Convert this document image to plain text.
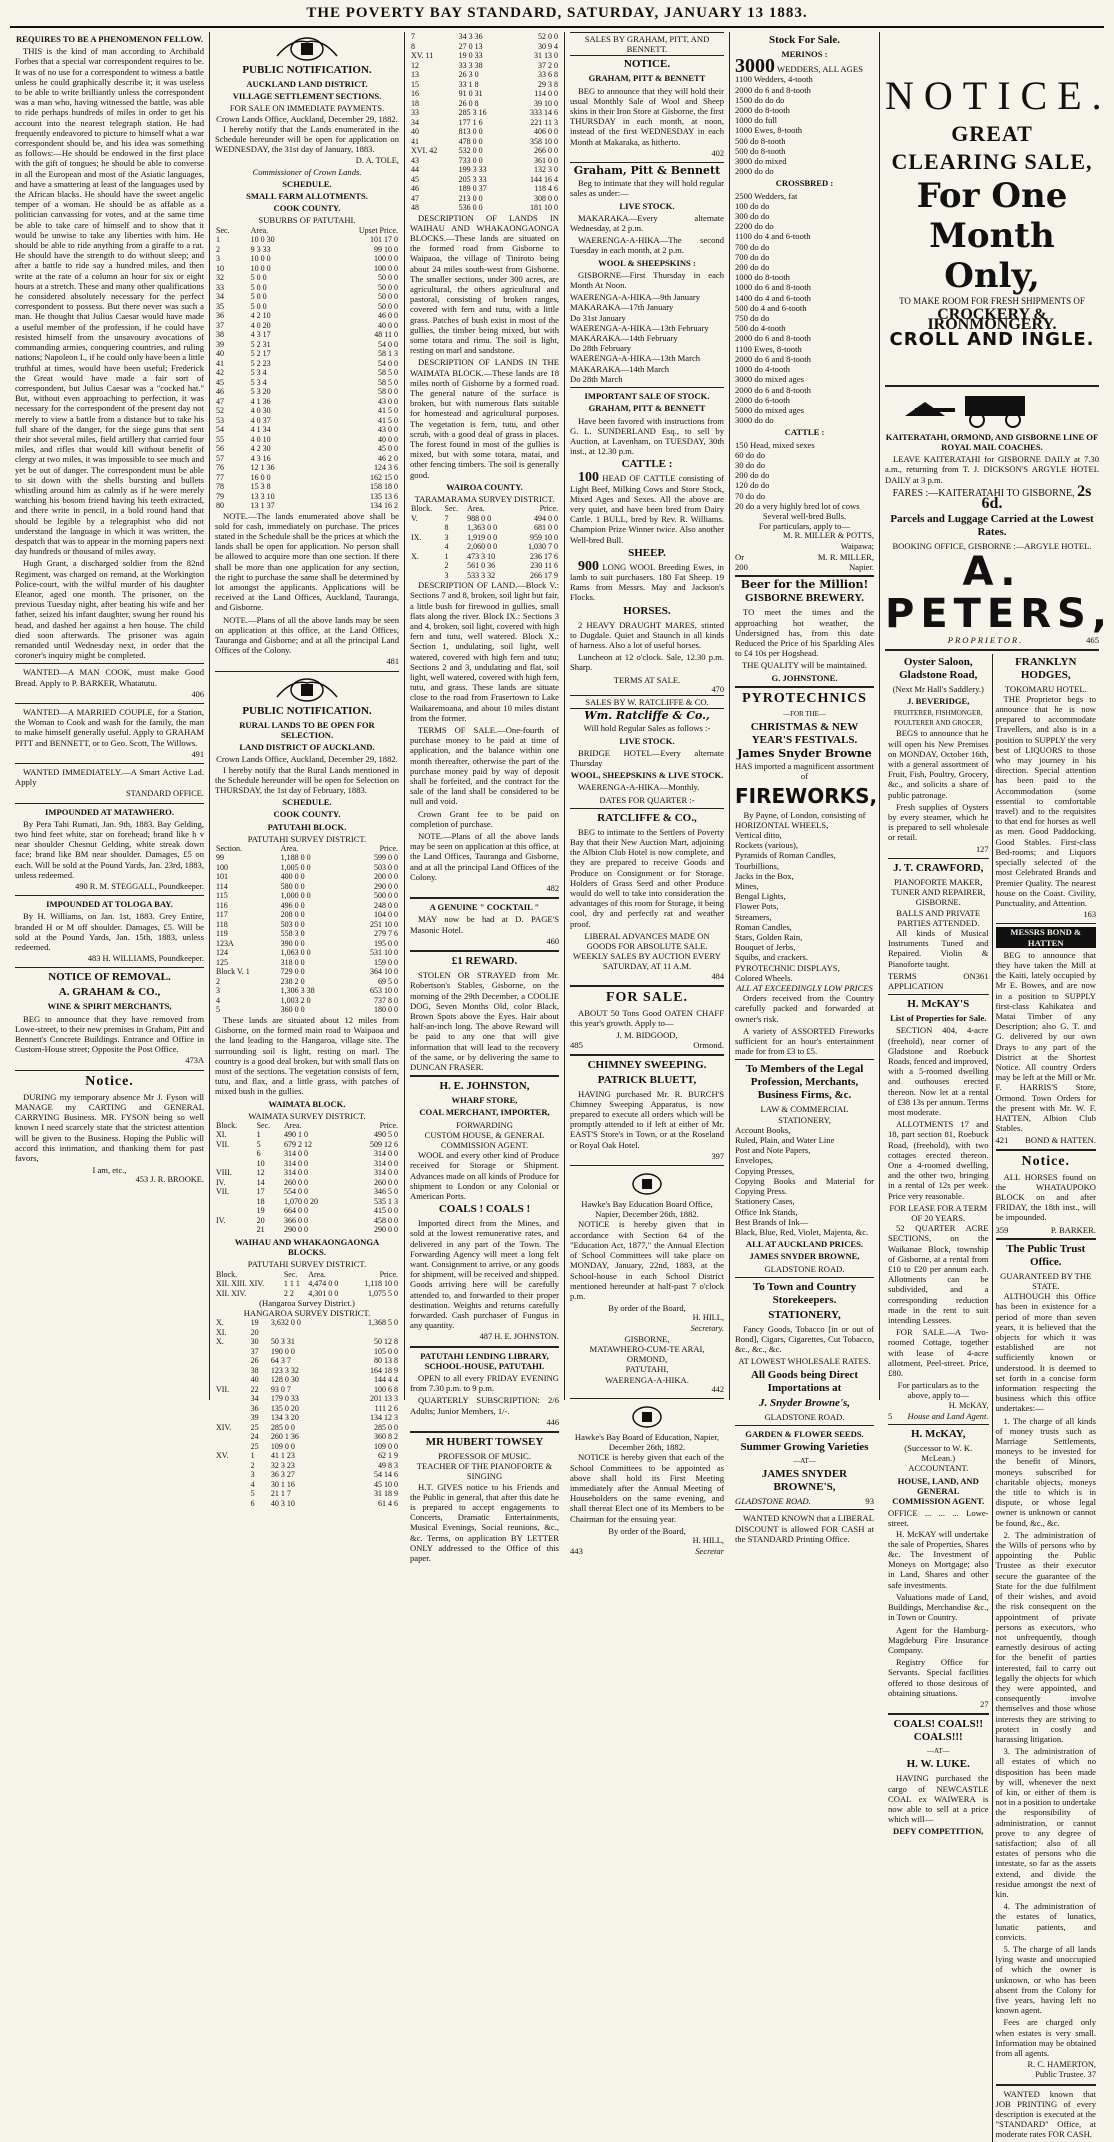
THE POVERTY BAY STANDARD, SATURDAY, JANUARY 13 1883.
REQUIRES TO BE A PHENOMENON FELLOW.

THIS is the kind of man according to Archibald Forbes that a special war correspondent requires to be. It was of no use for a correspondent to witness a battle unless he could graphically describe it; it was useless to be able to write brilliantly unless the correspondent was a man who, having witnessed the battle, was able to ride perhaps hundreds of miles in order to get his account into the nearest telegraph station. He had frequently endeavored to picture to himself what a war correspondent should be, and his idea was something as follows:—He should be endowed in the first place with the gift of tongues; he should be able to converse in all the European and most of the Asiatic languages, and have a smattering at least of the languages used by the African blacks. He should have the sweet angelic temper of a woman. He should be as affable as a politician canvassing for votes, and at the same time be able to take care of himself and to show that it would be unwise to take any liberties with him. He should be able to ride anything from a giraffe to a rat. He should have the strength to do without sleep; and after a battle to ride say a hundred miles, and then write at the rate of a column an hour for six or eight hours at a stretch. These and many other qualifications he considered absolutely necessary for the perfect correspondent to possess. But there never was such a man. He thought that Julius Caesar would have made a useful member of the profession, if he could have resisted himself from the unsavoury avocations of commanding armies, conquering countries, and ruling nations; Napoleon I., if he could only have been a little truthful at times, would have been useful; Frederick the Great would have made a fair sort of correspondent, but Julius Caesar was a "cocked hat." But, without even approaching to perfection, it was necessary for the correspondent of the present day not merely to view a battle from a distance but to take his full share of the danger, for the siege guns that sent their shot several miles, field artillery that carried four miles, and rifles that would kill without benefit of clergy at two miles, it was impossible to see much and yet be out of danger. The correspondent must be able to sit down with the shells bursting and bullets whistling around him as calmly as if he were merely watching his bosom friend having his teeth extracted, and there write in pencil, in a bold round hand that should be legible by a telegraphist who did not understand the language in which it was written, the despatch that was to appear in the morning papers next day hundreds or thousand of miles away.

Hugh Grant, a discharged soldier from the 82nd Regiment, was charged on remand, at the Workington Police-court, with the wilful murder of his daughter Eleanor, aged one month. The prisoner, on the previous Tuesday night, after beating his wife and her father, seized his infant daughter, swung her round his head, and dashed her against a hen house. The child died soon afterwards. The prisoner was again remanded until Wednesday next, in order that the coroner's inquiry might be completed.

WANTED—A MAN COOK, must make Good Bread. Apply to P. BARKER, Whatatutu.

406

WANTED—A MARRIED COUPLE, for a Station, the Woman to Cook and wash for the family, the man to make himself generally useful. Apply to GRAHAM PITT and BENNETT, or to Geo. Scott, The Willows.

491

WANTED IMMEDIATELY.—A Smart Active Lad. Apply

STANDARD OFFICE.
IMPOUNDED AT MATAWHERO.

By Pera Tahi Rumati, Jan. 9th, 1883. Bay Gelding, two hind feet white, star on forehead; brand like h v near shoulder Chesnut Gelding, white streak down face; brand like BM near shoulder. Damages, £5 on each. Will be sold at the Pound Yards, Jan. 23rd, 1883, unless redeemed.

490 R. M. STEGGALL, Poundkeeper.
IMPOUNDED AT TOLOGA BAY.

By H. Williams, on Jan. 1st, 1883. Grey Entire, branded H or M off shoulder. Damages, £5. Will be sold at the Pound Yards, Jan. 15th, 1883, unless redeemed.

483 H. WILLIAMS, Poundkeeper.
NOTICE OF REMOVAL.
A. GRAHAM & CO.,
WINE & SPIRIT MERCHANTS,

BEG to announce that they have removed from Lowe-street, to their new premises in Graham, Pitt and Bennett's Concrete Buildings. Entrance and Office in Custom-House street; Opposite the Post Office.

473A
Notice.

DURING my temporary absence Mr J. Fyson will MANAGE my CARTING and GENERAL CARRYING Business. MR. FYSON being so well known I need scarcely state that the strictest attention will be given to the Business. Hoping the Public will accord this intimation, and thanking them for past favors,

I am, etc.,
453 J. R. BROOKE.
PUBLIC NOTIFICATION.
AUCKLAND LAND DISTRICT.
VILLAGE SETTLEMENT SECTIONS.
FOR SALE ON IMMEDIATE PAYMENTS.
Crown Lands Office, Auckland, December 29, 1882.

I hereby notify that the Lands enumerated in the Schedule hereunder will be open for application on WEDNESDAY, the 31st day of January, 1883.

D. A. TOLE,
Commissioner of Crown Lands.
SCHEDULE.
SMALL FARM ALLOTMENTS.
COOK COUNTY.
SUBURBS OF PATUTAHI.
Sec.	Area.	Upset Price.
1	10 0 30	101 17 0
2	9 3 33	99 10 0
3	10 0 0	100 0 0
10	10 0 0	100 0 0
32	5 0 0	50 0 0
33	5 0 0	50 0 0
34	5 0 0	50 0 0
35	5 0 0	50 0 0
36	4 2 10	46 0 0
37	4 0 20	40 0 0
38	4 3 17	48 11 0
39	5 2 31	54 0 0
40	5 2 17	58 1 3
41	5 2 23	54 0 0
42	5 3 4	58 5 0
45	5 3 4	58 5 0
46	5 3 20	58 0 0
47	4 1 36	43 0 0
52	4 0 30	41 5 0
53	4 0 37	41 5 0
54	4 1 34	43 0 0
55	4 0 10	40 0 0
56	4 2 30	45 0 0
57	4 3 16	46 2 0
76	12 1 36	124 3 6
77	16 0 0	162 15 0
78	15 3 8	158 18 0
79	13 3 10	135 13 6
80	13 1 37	134 16 2

NOTE.—The lands enumerated above shall be sold for cash, immediately on purchase. The prices stated in the Schedule shall be the prices at which the lands shall be open for application. No person shall be allowed to acquire more than one section. If there shall be more than one application for any section, the right to purchase the same shall be determined by lot amongst the applicants. Applications will be received at the Land Offices, Auckland, Tauranga, and Gisborne.

NOTE.—Plans of all the above lands may be seen on application at this office, at the Land Offices, Tauranga and Gisborne; and at all the principal Land Offices of the Colony.

481
PUBLIC NOTIFICATION.
RURAL LANDS TO BE OPEN FOR SELECTION.
LAND DISTRICT OF AUCKLAND.
Crown Lands Office, Auckland, December 29, 1882.

I hereby notify that the Rural Lands mentioned in the Schedule hereunder will be open for Selection on THURSDAY, the 1st day of February, 1883.

SCHEDULE.
COOK COUNTY.
PATUTAHI BLOCK.
PATUTAHI SURVEY DISTRICT.
Section.	Area.	Price.
99	1,188 0 0	599 0 0
100	1,005 0 0	503 0 0
101	400 0 0	200 0 0
114	580 0 0	290 0 0
115	1,000 0 0	500 0 0
116	496 0 0	248 0 0
117	208 0 0	104 0 0
118	503 0 0	251 10 0
119	558 3 0	279 7 6
123A	390 0 0	195 0 0
124	1,063 0 0	531 10 0
125	318 0 0	159 0 0
Block V. 1	729 0 0	364 10 0
2	238 2 0	69 5 0
3	1,306 3 38	653 10 0
4	1,003 2 0	737 8 0
5	360 0 0	180 0 0

These lands are situated about 12 miles from Gisborne, on the formed main road to Waipaoa and the land leading to the Hangaroa, village site. The surrounding soil is light, resting on marl. The country is a good deal broken, but with small flats on most of the sections. The vegetation consists of fern, tutu, and flax, and a little grass, with patches of mixed bush in the gullies.

WAIMATA BLOCK.
WAIMATA SURVEY DISTRICT.
Block.	Sec.	Area.	Price.
XI.	1	490 1 0	490 5 0
VII.	5	679 2 12	509 12 6
	6	314 0 0	314 0 0
	10	314 0 0	314 0 0
VIII.	12	314 0 0	314 0 0
IV.	14	260 0 0	260 0 0
VII.	17	554 0 0	346 5 0
	18	1,070 0 20	535 1 3
	19	664 0 0	415 0 0
IV.	20	366 0 0	458 0 0
	21	290 0 0	290 0 0
WAIHAU AND WHAKAONGAONGA BLOCKS.
PATUTAHI SURVEY DISTRICT.
Block.	Sec.	Area.	Price.
XII. XIII. XIV.	1 1 1	4,474 0 0	1,118 10 0
XII. XIV.	2 2	4,301 0 0	1,075 5 0
(Hangaroa Survey District.)
HANGAROA SURVEY DISTRICT.
X.	19	3,632 0 0	1,368 5 0
XI.	20		
X.	30	50 3 31	50 12 8
	37	190 0 0	105 0 0
	26	64 3 7	80 13 8
	38	123 3 32	164 18 9
	40	128 0 30	144 4 4
VII.	22	93 0 7	100 6 8
	34	179 0 33	201 13 3
	36	135 0 20	111 2 6
	39	134 3 20	134 12 3
XIV.	25	285 0 0	285 0 0
	24	260 1 36	360 8 2
	25	109 0 0	109 0 0
XV.	1	41 1 23	62 1 9
	2	32 3 23	49 8 3
	3	36 3 27	54 14 6
	4	30 1 16	45 10 0
	5	21 1 7	31 18 9
	6	40 3 10	61 4 6
7	34 3 36	52 0 0
8	27 0 13	30 9 4
XV. 11	19 0 33	31 13 0
12	33 3 38	37 2 0
13	26 3 0	33 6 8
15	33 1 8	29 3 8
16	91 0 31	114 0 0
18	26 0 8	39 10 0
33	285 3 16	333 14 6
34	177 1 6	221 11 3
40	813 0 0	406 0 0
41	478 0 0	358 10 0
XVI. 42	532 0 0	266 0 0
43	733 0 0	361 0 0
44	199 3 33	132 3 0
45	205 3 33	144 16 4
46	189 0 37	118 4 6
47	213 0 0	308 0 0
48	536 0 0	181 10 0

DESCRIPTION OF LANDS IN WAIHAU AND WHAKAONGAONGA BLOCKS.—These lands are situated on the formed road from Gisborne to Waipaoa, the village of Tiniroto being about 24 miles south-west from Gisborne. The smaller sections, under 300 acres, are agricultural, the others agricultural and pastoral, consisting of broken ranges, covered with fern and tutu, with a little grass. Patches of bush exist in most of the gullies, the timber being mixed, but with some totara and rimu. The soil is light, resting on marl and sandstone.

DESCRIPTION OF LANDS IN THE WAIMATA BLOCK.—These lands are 18 miles north of Gisborne by a formed road. The general nature of the surface is broken, but with numerous flats suitable for homestead and agricultural purposes. The vegetation is fern, tutu, and other scrub, with a good deal of grass in places. The forest found in most of the gullies is mixed, but with some totara, matai, and other fencing timbers. The soil is generally good.

WAIROA COUNTY.
TARAMARAMA SURVEY DISTRICT.
Block.	Sec.	Area.	Price.
V.	7	988 0 0	494 0 0
	8	1,363 0 0	681 0 0
IX.	3	1,919 0 0	959 10 0
	4	2,060 0 0	1,030 7 0
X.	1	473 3 10	236 17 6
	2	561 0 36	230 11 6
	3	533 3 32	266 17 9

DESCRIPTION OF LAND.—Block V.: Sections 7 and 8, broken, soil light but fair, a little bush for firewood in gullies, small flats along the river. Block IX.: Sections 3 and 4, broken, soil light, covered with high fern and tutu, well watered. Block X.: Section 1, undulating, soil light, well watered, covered with high fern and tutu; Sections 2 and 3, undulating and flat, soil light, well watered, covered with high fern, tutu, and grass. These lands are situate close to the road from Frasertown to Lake Waikaremoana, and about 10 miles distant from the former.

TERMS OF SALE.—One-fourth of purchase money to be paid at time of application, and the balance within one month thereafter, otherwise the part of the purchase money paid by way of deposit shall be forfeited, and the contract for the sale of the land shall be considered to be null and void.

Crown Grant fee to be paid on completion of purchase.

NOTE.—Plans of all the above lands may be seen on application at this office, at the Land Offices, Tauranga and Gisborne, and at all the principal Land Offices of the Colony.

482
A GENUINE " COCKTAIL "

MAY now be had at D. PAGE'S Masonic Hotel.

460
£1 REWARD.

STOLEN OR STRAYED from Mr. Robertson's Stables, Gisborne, on the morning of the 29th December, a COOLIE DOG, Seven Months Old, color Black, Brown Spots above the Eyes. Hair about half-an-inch long. The above Reward will be paid to any one that will give information that will lead to the recovery of the same, or by delivering the same to DUNCAN FRASER.

H. E. JOHNSTON,
WHARF STORE,
COAL MERCHANT, IMPORTER,
FORWARDING
CUSTOM HOUSE, & GENERAL COMMISSION AGENT.

WOOL and every other kind of Produce received for Storage or Shipment. Advances made on all kinds of Produce for shipment to London or any Colonial or American Ports.

COALS ! COALS !

Imported direct from the Mines, and sold at the lowest remunerative rates, and delivered in any part of the Town. The Forwarding Agency will meet a long felt want. Consignment to arrive, or any goods for shipment, will be received and shipped. Goods arriving here will be carefully attended to, and forwarded to their proper destination. Weights and returns carefully forwarded. Cash purchaser of Fungus in any quantity.

487 H. E. JOHNSTON.
PATUTAHI LENDING LIBRARY, SCHOOL-HOUSE, PATUTAHI.

OPEN to all every FRIDAY EVENING from 7.30 p.m. to 9 p.m.

QUARTERLY SUBSCRIPTION: 2/6 Adults; Junior Members, 1/-.

446
MR HUBERT TOWSEY
PROFESSOR OF MUSIC.
TEACHER OF THE PIANOFORTE & SINGING

H.T. GIVES notice to his Friends and the Public in general, that after this date he is prepared to accept engagements to Concerts, Dramatic Entertainments, Musical Evenings, Social reunions, &c., &c. Terms, on application BY LETTER ONLY addressed to the Office of this paper.

SALES BY GRAHAM, PITT, AND BENNETT.
NOTICE.
GRAHAM, PITT & BENNETT

BEG to announce that they will hold their usual Monthly Sale of Wool and Sheep skins in their Iron Store at Gisborne, the first THURSDAY in each month, at noon, instead of the first WEDNESDAY in each Month at Makaraka, as hitherto.

402
Graham, Pitt & Bennett

Beg to intimate that they will hold regular sales as under:—

LIVE STOCK.

MAKARAKA—Every alternate Wednesday, at 2 p.m.

WAERENGA-A-HIKA—The second Tuesday in each month, at 2 p.m.

WOOL & SHEEPSKINS :

GISBORNE—First Thursday in each Month At Noon.

WAERENGA-A-HIKA—9th January
MAKARAKA—17th January
Do 31st January
WAERENGA-A-HIKA—13th February
MAKARAKA—14th February
Do 28th February
WAERENGA-A-HIKA—13th March
MAKARAKA—14th March
Do 28th March
IMPORTANT SALE OF STOCK.
GRAHAM, PITT & BENNETT

Have been favored with instructions from G. L. SUNDERLAND Esq., to sell by Auction, at Lavenham, on TUESDAY, 30th inst., at 12.30 p.m.

CATTLE :

100 HEAD OF CATTLE consisting of Light Beef, Milking Cows and Store Stock, Mixed Ages and Sexes. All the above are very quiet, and have been bred from Dairy Cattle. 1 BULL, bred by Rev. R. Williams. Champion Prize Winner twice. Also another Well-bred Bull.

SHEEP.

900 LONG WOOL Breeding Ewes, in lamb to suit purchasers. 180 Fat Sheep. 19 Rams from Messrs. May and Jackson's Flocks.

HORSES.

2 HEAVY DRAUGHT MARES, stinted to Dugdale. Quiet and Staunch in all kinds of harness. Also a lot of useful horses.

Luncheon at 12 o'clock. Sale, 12.30 p.m. Sharp.

TERMS AT SALE.
470
SALES BY W. RATCLIFFE & CO.
Wm. Ratcliffe & Co.,
Will hold Regular Sales as follows :-
LIVE STOCK.

BRIDGE HOTEL—Every alternate Thursday

WOOL, SHEEPSKINS & LIVE STOCK.

WAERENGA-A-HIKA—Monthly.

DATES FOR QUARTER :-
RATCLIFFE & CO.,

BEG to intimate to the Settlers of Poverty Bay that their New Auction Mart, adjoining the Albion Club Hotel is now complete, and they are prepared to receive Goods and Produce on Consignment or for Storage. Holders of Grass Seed and other Produce would do well to take into consideration the advantages of this room for Storage, it being cool, dry and perfectly rat and weather proof.

LIBERAL ADVANCES MADE ON GOODS FOR ABSOLUTE SALE.
WEEKLY SALES BY AUCTION EVERY SATURDAY, AT 11 A.M.
484
FOR SALE.

ABOUT 50 Tons Good OATEN CHAFF this year's growth. Apply to—

J. M. BIDGOOD,
485	Ormond.
CHIMNEY SWEEPING.
PATRICK BLUETT,

HAVING purchased Mr. R. BURCH'S Chimney Sweeping Apparatus, is now prepared to execute all orders which will be promptly attended to if left at either of Mr. EAST'S Store's in Town, or at the Roseland or Royal Oak Hotel.

397
Hawke's Bay Education Board Office, Napier, December 26th, 1882.

NOTICE is hereby given that in accordance with Section 64 of the "Education Act, 1877," the Annual Election of School Committees will take place on MONDAY, January, 22nd, 1883, at the School-house in each School District mentioned hereunder at half-past 7 o'clock p.m.

By order of the Board,
H. HILL,
Secretary.
GISBORNE,
MATAWHERO-CUM-TE ARAI,
ORMOND,
PATUTAHI,
WAERENGA-A-HIKA.
442
Hawke's Bay Board of Education, Napier, December 26th, 1882.

NOTICE is hereby given that each of the School Committees to be appointed as above shall hold its First Meeting immediately after the Annual Meeting of Householders on the same evening, and shall thereat Elect one of its Members to be Chairman for the ensuing year.

By order of the Board,
H. HILL,
443	Secretar
Stock For Sale.
MERINOS :
3000 WEDDERS, ALL AGES
1100 Wedders, 4-tooth
2000 do 6 and 8-tooth
1500 do do do
2000 do 8-tooth
1000 do full
1000 Ewes, 8-tooth
500 do 8-tooth
500 do 8-tooth
3000 do mixed
2000 do do
CROSSBRED :
2500 Wedders, fat
100 do do
300 do do
2200 do do
1100 do 4 and 6-tooth
700 do do
700 do do
200 do do
1000 do 8-tooth
1000 do 6 and 8-tooth
1400 do 4 and 6-tooth
500 do 4 and 6-tooth
750 do do
500 do 4-tooth
2000 do 6 and 8-tooth
1100 Ewes, 8-tooth
2000 do 6 and 8-tooth
1000 do 4-tooth
3000 do mixed ages
2000 do 6 and 8-tooth
2000 do 6-tooth
5000 do mixed ages
3000 do do
CATTLE :
150 Head, mixed sexes
60 do do
30 do do
200 do do
120 do do
70 do do
20 do a very highly bred lot of cows
Several well-bred Bulls.
For particulars, apply to—
M. R. MILLER & POTTS,
Waipawa;
Or	M. R. MILLER,
200	Napier.
Beer for the Million!
GISBORNE BREWERY.

TO meet the times and the approaching hot weather, the Undersigned has, from this date Reduced the Price of his Sparkling Ales to £4 10s per Hogshead.

THE QUALITY will be maintained.
G. JOHNSTONE.
PYROTECHNICS
—FOR THE—
CHRISTMAS & NEW YEAR'S FESTIVALS.
James Snyder Browne
HAS imported a magnificent assortment of
FIREWORKS,
By Payne, of London, consisting of
HORIZONTAL WHEELS,
Vertical ditto,
Rockets (various),
Pyramids of Roman Candles,
Tourbillions,
Jacks in the Box,
Mines,
Bengal Lights,
Flower Pots,
Streamers,
Roman Candles,
Stars, Golden Rain,
Bouquet of Jerbs,
Squibs, and crackers.
PYROTECHNIC DISPLAYS,
Colored Wheels.
ALL AT EXCEEDINGLY LOW PRICES

Orders received from the Country carefully packed and forwarded at owner's risk.

A variety of ASSORTED Fireworks sufficient for an hour's entertainment made for from £3 to £5.

To Members of the Legal Profession, Merchants, Business Firms, &c.
LAW & COMMERCIAL STATIONERY,
Account Books,
Ruled, Plain, and Water Line
Post and Note Papers,
Envelopes,
Copying Presses,
Copying Books and Material for Copying Press.
Stationery Cases,
Office Ink Stands,
Best Brands of Ink—
Black, Blue, Red, Violet, Majenta, &c.
ALL AT AUCKLAND PRICES.
JAMES SNYDER BROWNE,
GLADSTONE ROAD.
To Town and Country Storekeepers.
STATIONERY,

Fancy Goods, Tobacco [in or out of Bond], Cigars, Cigarettes, Cut Tobacco, &c., &c., &c.

AT LOWEST WHOLESALE RATES.
All Goods being Direct Importations at
J. Snyder Browne's,
GLADSTONE ROAD.
GARDEN & FLOWER SEEDS.
Summer Growing Varieties
—AT—
JAMES SNYDER BROWNE'S,
GLADSTONE ROAD.	93

WANTED KNOWN that a LIBERAL DISCOUNT is allowed FOR CASH at the STANDARD Printing Office.

NOTICE.
GREAT CLEARING SALE,
For One Month Only,
TO MAKE ROOM FOR FRESH SHIPMENTS OF
CROCKERY & IRONMONGERY.
CROLL AND INGLE.
KAITERATAHI, ORMOND, AND GISBORNE LINE OF ROYAL MAIL COACHES.

LEAVE KAITERATAHI for GISBORNE DAILY at 7.30 a.m., returning from T. J. DICKSON'S ARGYLE HOTEL DAILY at 3 p.m.

FARES :—KAITERATAHI TO GISBORNE, 2s 6d.
Parcels and Luggage Carried at the Lowest Rates.
BOOKING OFFICE, GISBORNE :—ARGYLE HOTEL.
A. PETERS,
PROPRIETOR.	465
Oyster Saloon, Gladstone Road,
(Next Mr Hall's Saddlery.)
J. BEVERIDGE,
FRUITERER, FISHMONGER, POULTERER AND GROCER,

BEGS to announce that he will open his New Premises on MONDAY, October 16th, with a general assortment of Fruit, Fish, Poultry, Grocery, &c., and solicits a share of public patronage.

Fresh supplies of Oysters by every steamer, which he is prepared to sell wholesale or retail.

127
J. T. CRAWFORD,
PIANOFORTE MAKER, TUNER AND REPAIRER, GISBORNE.
BALLS AND PRIVATE PARTIES ATTENDED.

All kinds of Musical Instruments Tuned and Repaired. Violin & Pianoforte taught.

TERMS ON APPLICATION
361
H. McKAY'S
List of Properties for Sale.

SECTION 404, 4-acre (freehold), near corner of Gladstone and Roebuck Roads, fenced and improved, with a 5-roomed dwelling and outhouses erected thereon. Now let at a rental of £38 13s per annum. Terms most moderate.

ALLOTMENTS 17 and 18, part section 81, Roebuck Road, (freehold), with two cottages erected thereon. One a 4-roomed dwelling, and the other two, bringing in a rental of 12s per week. Price very reasonable.

FOR LEASE FOR A TERM OF 20 YEARS.

52 QUARTER ACRE SECTIONS, on the Waikanae Block, township of Gisborne, at a rental from £10 to £20 per annum each. Allotments can be subdivided, and a corresponding reduction made in the rent to suit intending Lessees.

FOR SALE.—A Two-roomed Cottage, together with lease of 4-acre allotment, Peel-street. Price, £80.

For particulars as to the above, apply to—
H. McKAY,
5 House and Land Agent.
H. McKAY,
(Successor to W. K. McLean.)
ACCOUNTANT.
HOUSE, LAND, AND GENERAL COMMISSION AGENT.
OFFICE ... ... ... Lowe-street.

H. McKAY will undertake the sale of Properties, Shares &c. The Investment of Moneys on Mortgage; also in Land, Shares and other safe investments.

Valuations made of Land, Buildings, Merchandise &c., in Town or Country.

Agent for the Hamburg-Magdeburg Fire Insurance Company.

Registry Office for Servants. Special facilities offered to those desirous of obtaining situations.

27
COALS! COALS!! COALS!!!
—AT—
H. W. LUKE.

HAVING purchased the cargo of NEWCASTLE COAL ex WAIWERA is now able to sell at a price which will—

DEFY COMPETITION,
FRANKLYN HODGES,
TOKOMARU HOTEL.

THE Proprietor begs to announce that he is now prepared to accommodate Travellers, and also is in a position to SUPPLY the very best of LIQUORS to those who may journey in his direction. Special attention has been paid to the Accommodation (some essential to comfortable travel) and to the requisites to that end for horses as well as men. Good Paddocking. Good Stables. First-class Bed-rooms; and Liquors specially selected of the most Celebrated Brands and Premier Quality. The nearest house on the Coast. Civility, Punctuality, and Attention.

163
MESSRS BOND & HATTEN

BEG to announce that they have taken the Mill at the Kaiti, lately occupied by Mr E. Bowes, and are now in a position to SUPPLY first-class Kahikatea and Matai Timber of any Description; also G. T. and G. delivered by our own Drays to any part of the District at the Shortest Notice. All country Orders may be left at the Mill or Mr. F. HARRIS'S Store, Ormond. Town Orders for the present with Mr. W. F. HATTEN, Albion Club Stables.

421 BOND & HATTEN.
Notice.

ALL HORSES found on the WHATAUPOKO BLOCK on and after FRIDAY, the 18th inst., will be impounded.

359	P. BARKER.
The Public Trust Office.
GUARANTEED BY THE STATE.

ALTHOUGH this Office has been in existence for a period of more than seven years, it is believed that the objects for which it was established are not sufficiently known or understood. It is deemed to set forth in a concise form information respecting the business which this office undertakes:—

1. The charge of all kinds of money trusts such as Marriage Settlements, moneys to be invested for the benefit of Minors, moneys subscribed for charitable objects, moneys the title to which is in dispute, or whose legal owner is unknown or cannot be found, &c., &c.

2. The administration of the Wills of persons who by appointing the Public Trustee as their executor secure the guarantee of the State for the due fulfilment of their wishes, and avoid the risk consequent on the appointment of private persons as executors, who not unfrequently, though earnestly desirous of acting for the benefit of parties interested, fail to carry out legally the objects for which they were appointed, and consequently involve themselves and those whose interests they are striving to protect in costly and harassing litigation.

3. The administration of all estates of which no disposition has been made by will, whenever the next of kin, or either of them is not in a position to undertake the responsibility of administration, or cannot prove to any degree of satisfaction; also of all estates of persons who die intestate, so far as the assets extend, and divide the residue amongst the next of kin.

4. The administration of the estates of lunatics, lunatic patients, and convicts.

5. The charge of all lands lying waste and unoccupied of which the owner is unknown, or who has been absent from the Colony for five years, having left no known agent.

Fees are charged only when estates is very small. Information may be obtained from all agents.

R. C. HAMERTON,
Public Trustee. 37

WANTED known that JOB PRINTING of every description is executed at the "STANDARD" Office, at moderate rates FOR CASH.
